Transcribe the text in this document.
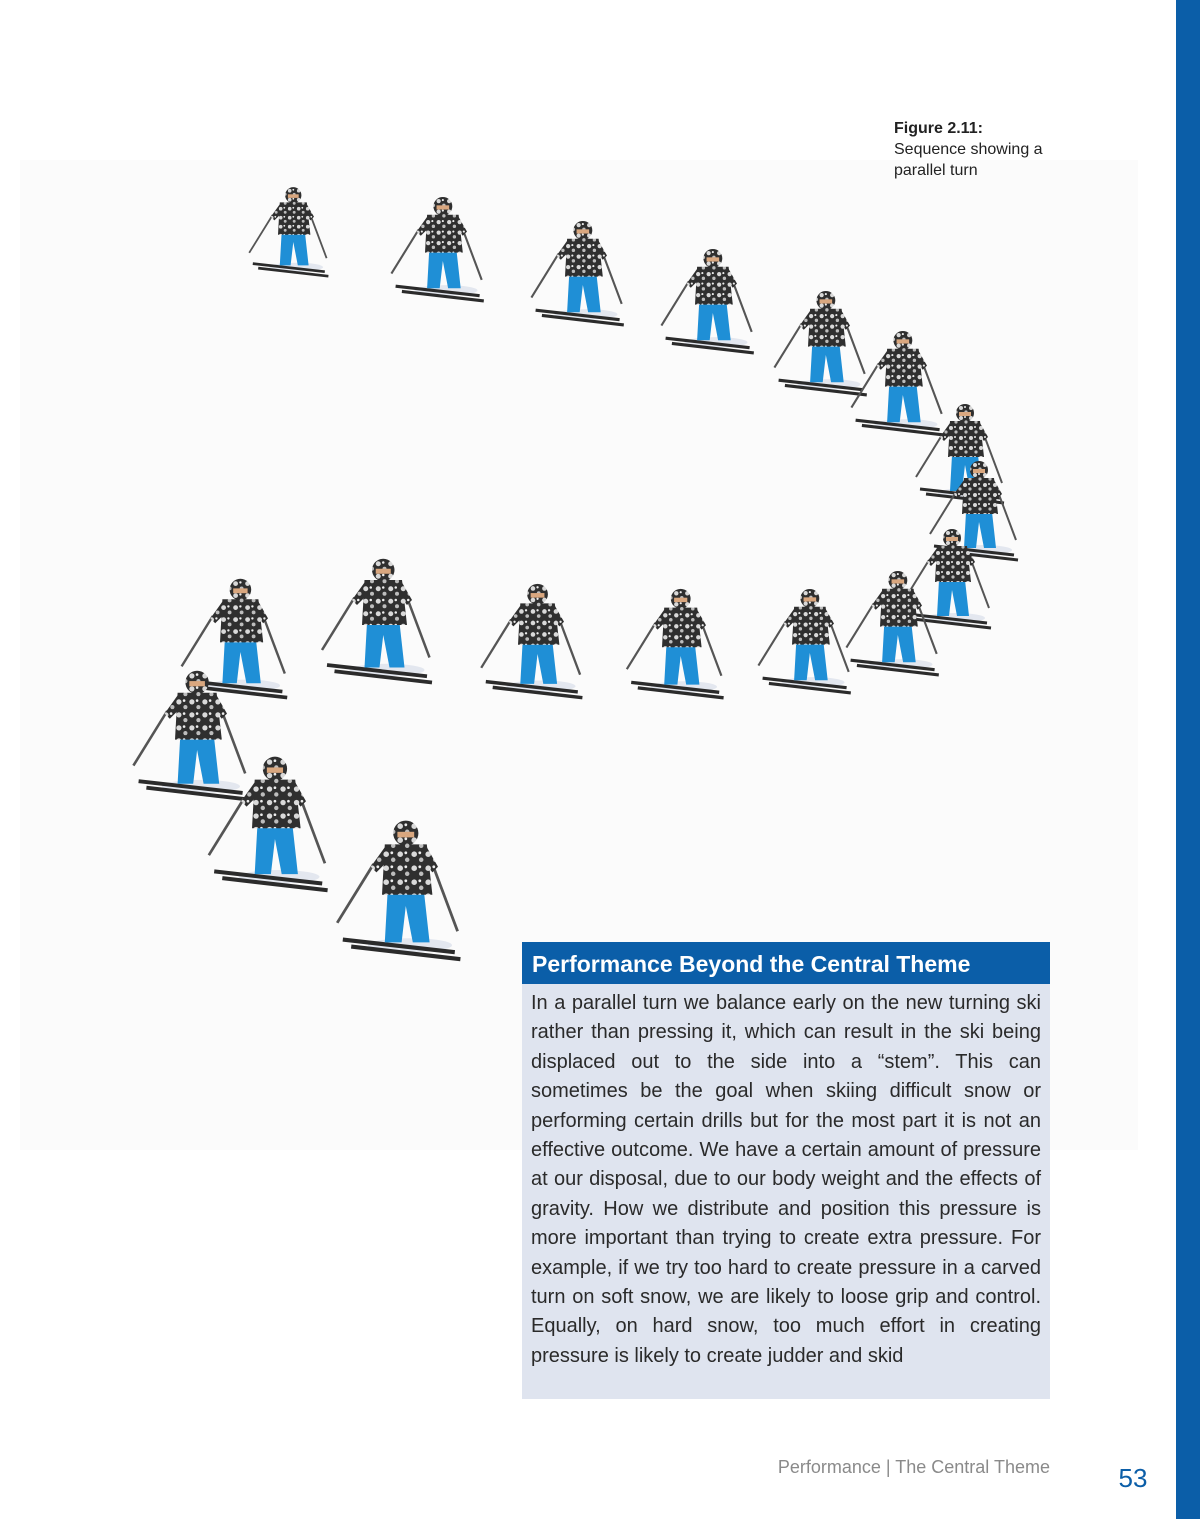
Figure 2.11:
Sequence showing a parallel turn
Performance Beyond the Central Theme
In a parallel turn we balance early on the new turning ski rather than pressing it, which can result in the ski being displaced out to the side into a “stem”. This can sometimes be the goal when skiing difficult snow or performing certain drills but for the most part it is not an effective outcome. We have a certain amount of pressure at our disposal, due to our body weight and the effects of gravity. How we distribute and position this pressure is more important than trying to create extra pressure. For example, if we try too hard to create pressure in a carved turn on soft snow, we are likely to loose grip and control. Equally, on hard snow, too much effort in creating pressure is likely to create judder and skid
Performance | The Central Theme	53
